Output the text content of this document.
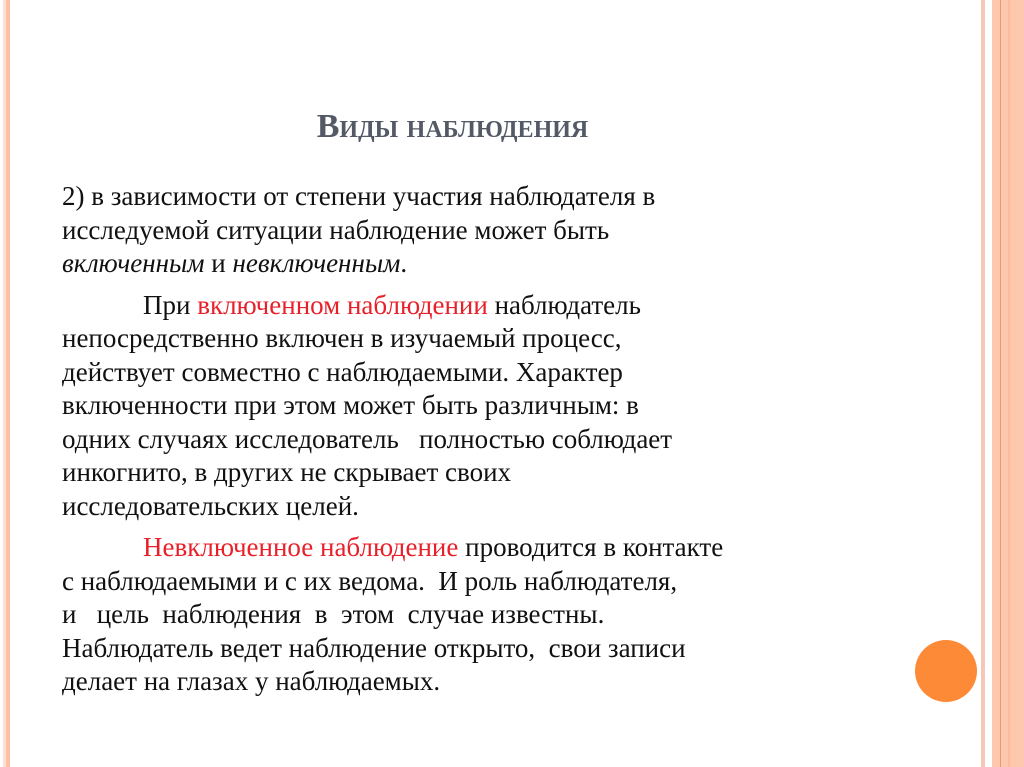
Виды наблюдения
2) в зависимости от степени участия наблюдателя в
исследуемой ситуации наблюдение может быть
включенным и невключенным.
При включенном наблюдении наблюдатель
непосредственно включен в изучаемый процесс,
действует совместно с наблюдаемыми. Характер
включенности при этом может быть различным: в
одних случаях исследователь   полностью соблюдает
инкогнито, в других не скрывает своих
исследовательских целей.
Невключенное наблюдение проводится в контакте
с наблюдаемыми и с их ведома.  И роль наблюдателя,
и   цель  наблюдения  в  этом  случае известны.
Наблюдатель ведет наблюдение открыто,  свои записи
делает на глазах у наблюдаемых.
